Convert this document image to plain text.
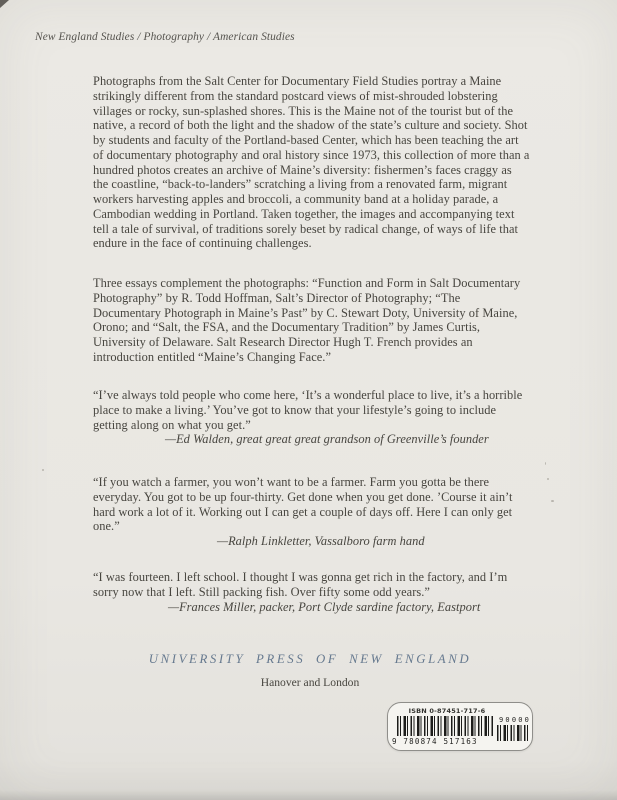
New England Studies / Photography / American Studies

Photographs from the Salt Center for Documentary Field Studies portray a Maine strikingly different from the standard postcard views of mist-shrouded lobstering villages or rocky, sun-splashed shores. This is the Maine not of the tourist but of the native, a record of both the light and the shadow of the state’s culture and society. Shot by students and faculty of the Portland-based Center, which has been teaching the art of documentary photography and oral history since 1973, this collection of more than a hundred photos creates an archive of Maine’s diversity: fishermen’s faces craggy as the coastline, “back-to-landers” scratching a living from a renovated farm, migrant workers harvesting apples and broccoli, a community band at a holiday parade, a Cambodian wedding in Portland. Taken together, the images and accompanying text tell a tale of survival, of traditions sorely beset by radical change, of ways of life that endure in the face of continuing challenges.

Three essays complement the photographs: “Function and Form in Salt Documentary Photography” by R. Todd Hoffman, Salt’s Director of Photography; “The Documentary Photograph in Maine’s Past” by C. Stewart Doty, University of Maine, Orono; and “Salt, the FSA, and the Documentary Tradition” by James Curtis, University of Delaware. Salt Research Director Hugh T. French provides an introduction entitled “Maine’s Changing Face.”

“I’ve always told people who come here, ‘It’s a wonderful place to live, it’s a horrible place to make a living.’ You’ve got to know that your lifestyle’s going to include getting along on what you get.”

—Ed Walden, great great great grandson of Greenville’s founder

“If you watch a farmer, you won’t want to be a farmer. Farm you gotta be there everyday. You got to be up four-thirty. Get done when you get done. ’Course it ain’t hard work a lot of it. Working out I can get a couple of days off. Here I can only get one.”

—Ralph Linkletter, Vassalboro farm hand

“I was fourteen. I left school. I thought I was gonna get rich in the factory, and I’m sorry now that I left. Still packing fish. Over fifty some odd years.”

—Frances Miller, packer, Port Clyde sardine factory, Eastport

UNIVERSITY PRESS OF NEW ENGLAND
Hanover and London
ISBN 0-87451-717-6
9 780874 517163
90000
